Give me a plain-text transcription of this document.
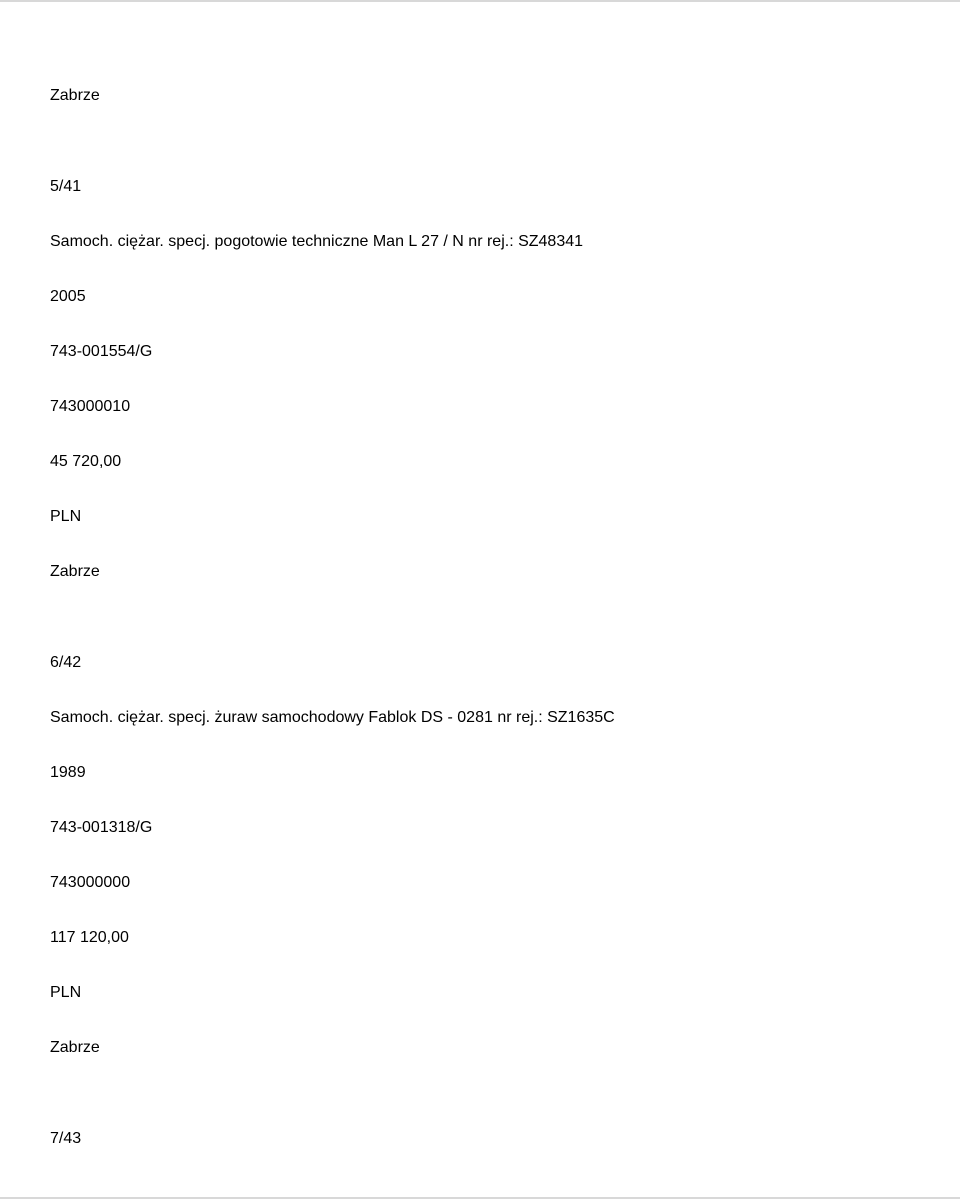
Zabrze
5/41
Samoch. ciężar. specj. pogotowie techniczne Man L 27 / N nr rej.: SZ48341
2005
743-001554/G
743000010
45 720,00
PLN
Zabrze
6/42
Samoch. ciężar. specj. żuraw samochodowy Fablok DS - 0281 nr rej.: SZ1635C
1989
743-001318/G
743000000
117 120,00
PLN
Zabrze
7/43
